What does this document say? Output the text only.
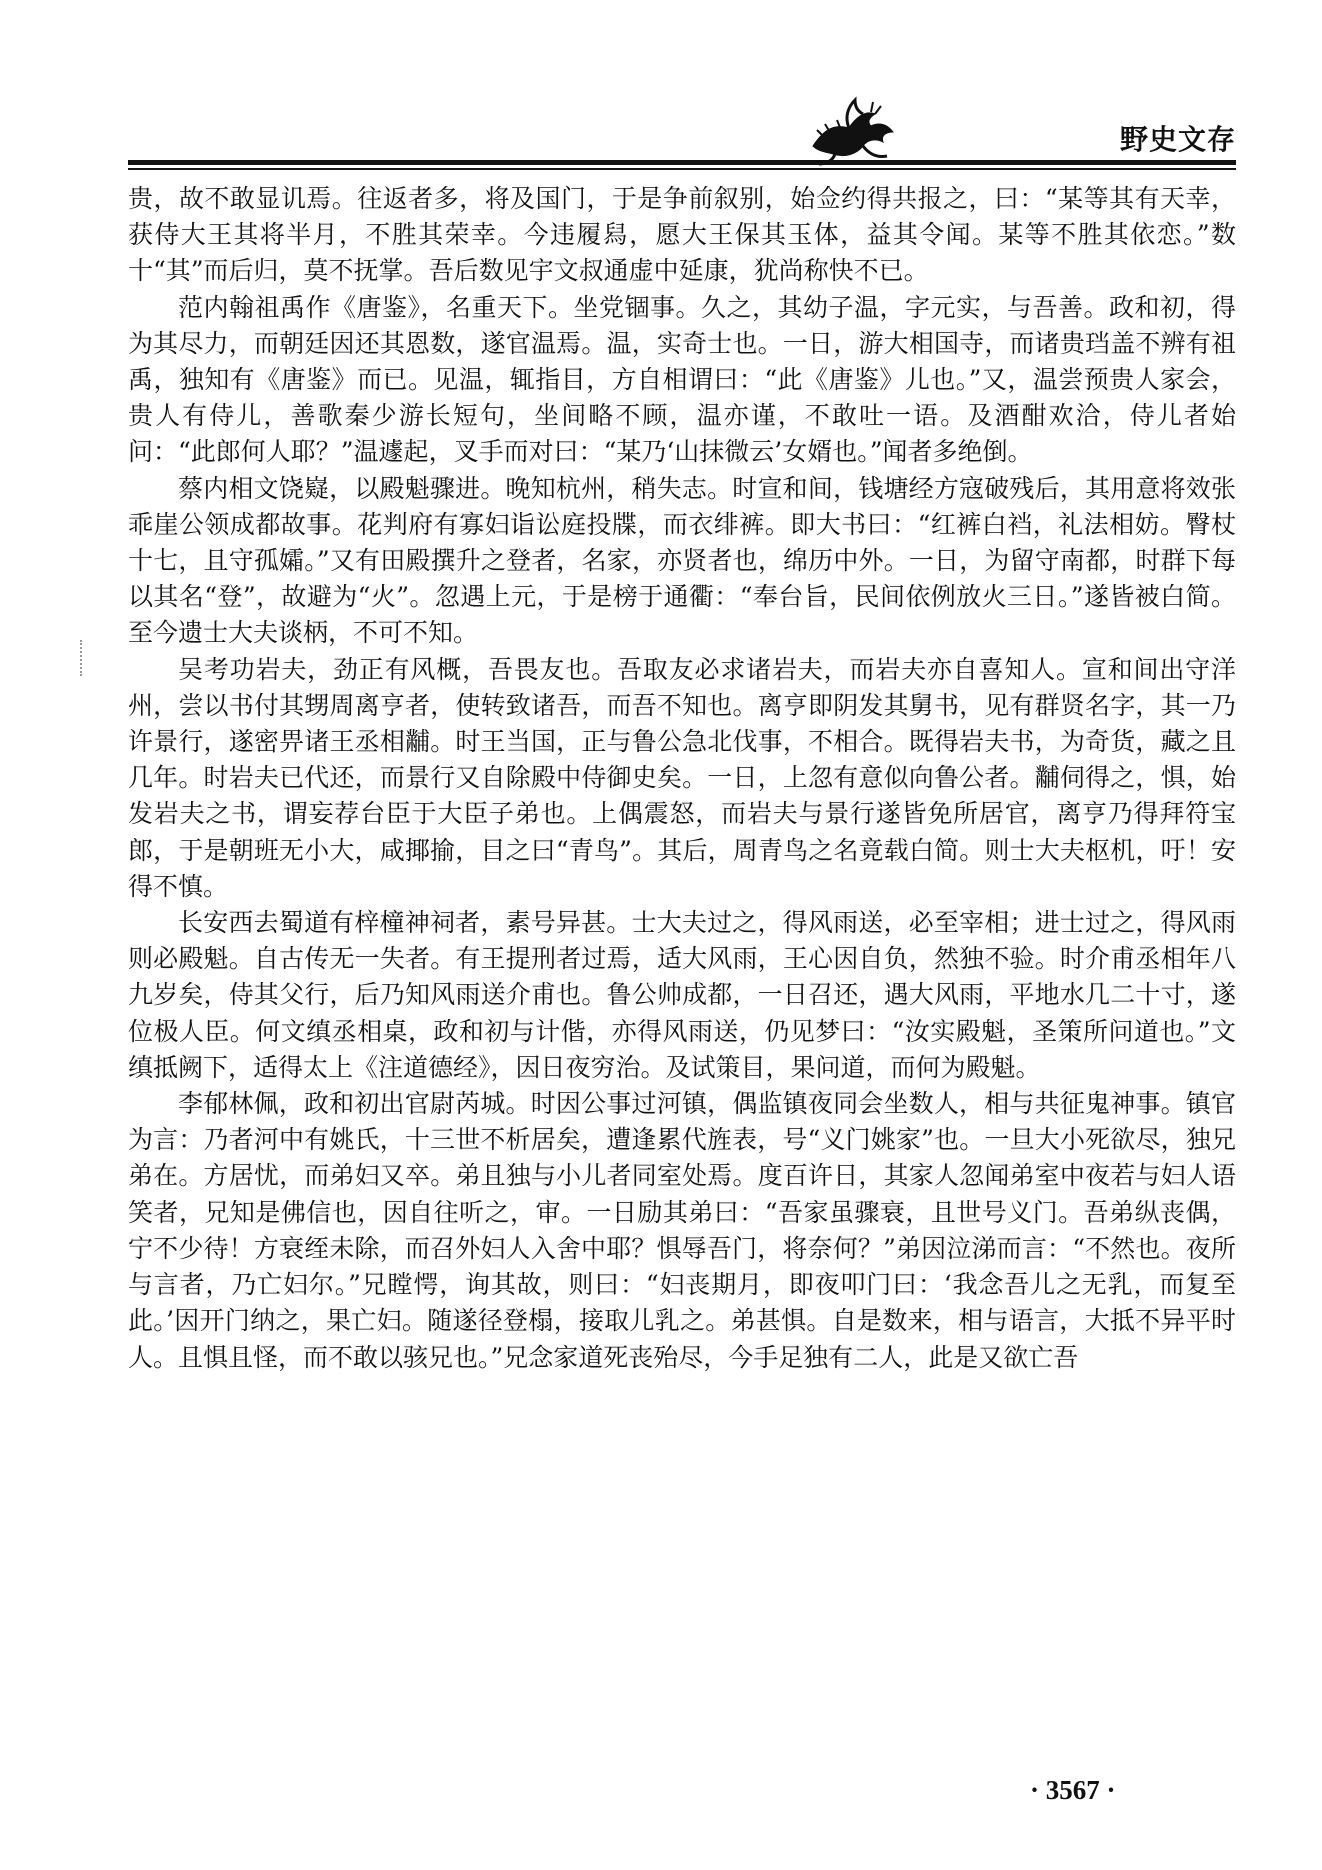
野史文存

贵，故不敢显讥焉。往返者多，将及国门，于是争前叙别，始佥约得共报之，曰：“某等其有天幸，获侍大王其将半月，不胜其荣幸。今违履舄，愿大王保其玉体，益其令闻。某等不胜其依恋。”数十“其”而后归，莫不抚掌。吾后数见宇文叔通虚中延康，犹尚称快不已。

范内翰祖禹作《唐鉴》，名重天下。坐党锢事。久之，其幼子温，字元实，与吾善。政和初，得为其尽力，而朝廷因还其恩数，遂官温焉。温，实奇士也。一日，游大相国寺，而诸贵珰盖不辨有祖禹，独知有《唐鉴》而已。见温，辄指目，方自相谓曰：“此《唐鉴》儿也。”又，温尝预贵人家会，贵人有侍儿，善歌秦少游长短句，坐间略不顾，温亦谨，不敢吐一语。及酒酣欢洽，侍儿者始问：“此郎何人耶？”温遽起，叉手而对曰：“某乃‘山抹微云’女婿也。”闻者多绝倒。

蔡内相文饶嶷，以殿魁骤进。晚知杭州，稍失志。时宣和间，钱塘经方寇破残后，其用意将效张乖崖公领成都故事。花判府有寡妇诣讼庭投牒，而衣绯裤。即大书曰：“红裤白裆，礼法相妨。臀杖十七，且守孤孀。”又有田殿撰升之登者，名家，亦贤者也，绵历中外。一日，为留守南都，时群下每以其名“登”，故避为“火”。忽遇上元，于是榜于通衢：“奉台旨，民间依例放火三日。”遂皆被白简。至今遗士大夫谈柄，不可不知。

吴考功岩夫，劲正有风概，吾畏友也。吾取友必求诸岩夫，而岩夫亦自喜知人。宣和间出守洋州，尝以书付其甥周离亨者，使转致诸吾，而吾不知也。离亨即阴发其舅书，见有群贤名字，其一乃许景行，遂密畀诸王丞相黼。时王当国，正与鲁公急北伐事，不相合。既得岩夫书，为奇货，藏之且几年。时岩夫已代还，而景行又自除殿中侍御史矣。一日，上忽有意似向鲁公者。黼伺得之，惧，始发岩夫之书，谓妄荐台臣于大臣子弟也。上偶震怒，而岩夫与景行遂皆免所居官，离亨乃得拜符宝郎，于是朝班无小大，咸揶揄，目之曰“青鸟”。其后，周青鸟之名竟载白简。则士大夫枢机，吁！安得不慎。

长安西去蜀道有梓橦神祠者，素号异甚。士大夫过之，得风雨送，必至宰相；进士过之，得风雨则必殿魁。自古传无一失者。有王提刑者过焉，适大风雨，王心因自负，然独不验。时介甫丞相年八九岁矣，侍其父行，后乃知风雨送介甫也。鲁公帅成都，一日召还，遇大风雨，平地水几二十寸，遂位极人臣。何文缜丞相桌，政和初与计偕，亦得风雨送，仍见梦曰：“汝实殿魁，圣策所问道也。”文缜抵阙下，适得太上《注道德经》，因日夜穷治。及试策目，果问道，而何为殿魁。

李郁林佩，政和初出官尉芮城。时因公事过河镇，偶监镇夜同会坐数人，相与共征鬼神事。镇官为言：乃者河中有姚氏，十三世不析居矣，遭逢累代旌表，号“义门姚家”也。一旦大小死欲尽，独兄弟在。方居忧，而弟妇又卒。弟且独与小儿者同室处焉。度百许日，其家人忽闻弟室中夜若与妇人语笑者，兄知是佛信也，因自往听之，审。一日励其弟曰：“吾家虽骤衰，且世号义门。吾弟纵丧偶，宁不少待！方衰绖未除，而召外妇人入舍中耶？惧辱吾门，将奈何？”弟因泣涕而言：“不然也。夜所与言者，乃亡妇尔。”兄瞠愕，询其故，则曰：“妇丧期月，即夜叩门曰：‘我念吾儿之无乳，而复至此。’因开门纳之，果亡妇。随遂径登榻，接取儿乳之。弟甚惧。自是数来，相与语言，大抵不异平时人。且惧且怪，而不敢以骇兄也。”兄念家道死丧殆尽，今手足独有二人，此是又欲亡吾

· 3567 ·
